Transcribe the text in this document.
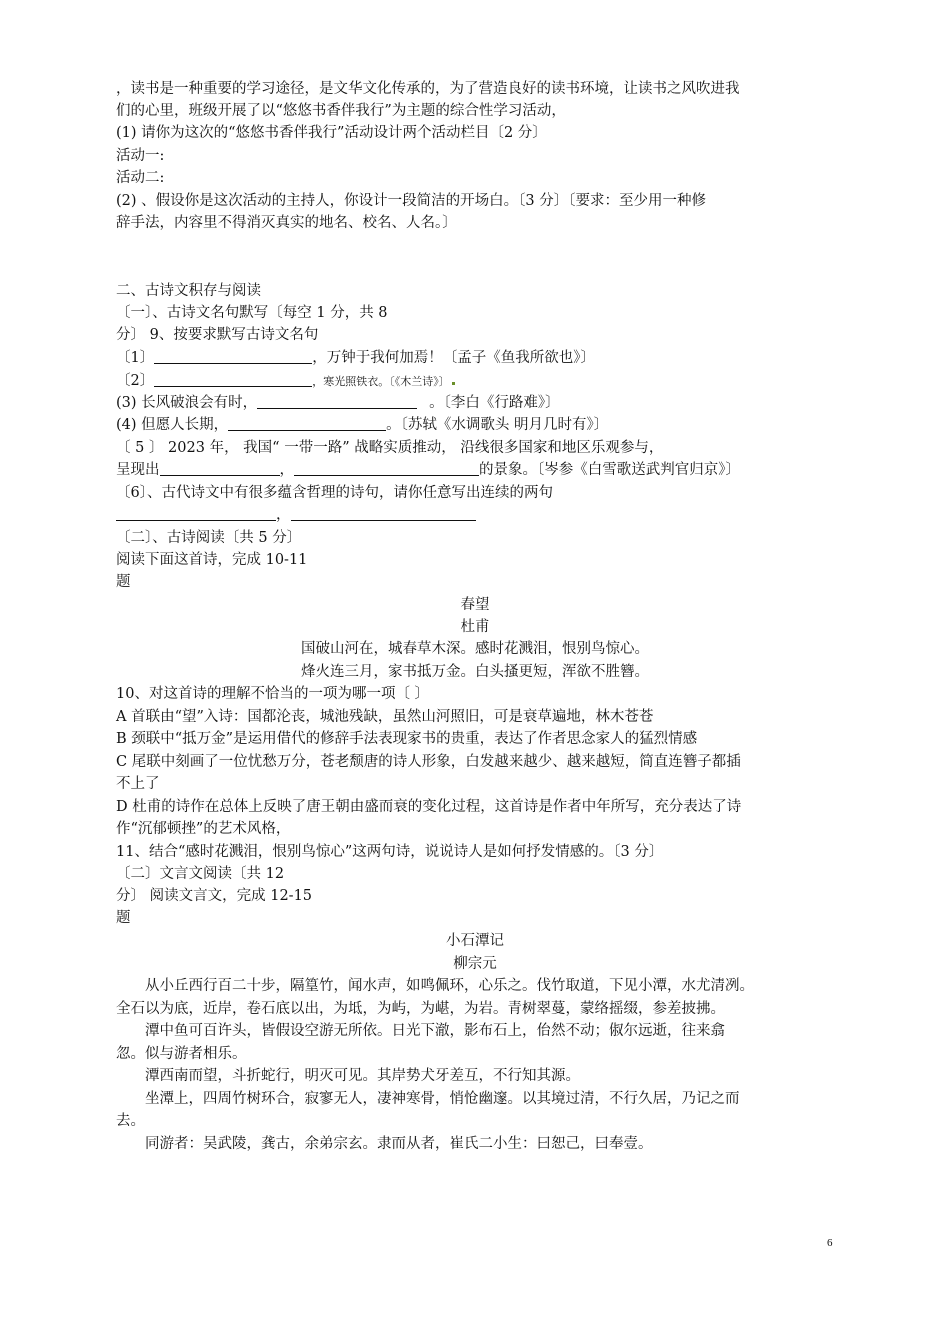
，读书是一种重要的学习途径，是文华文化传承的，为了营造良好的读书环境，让读书之风吹进我
们的心里，班级开展了以“悠悠书香伴我行”为主题的综合性学习活动，
(1) 请你为这次的“悠悠书香伴我行”活动设计两个活动栏目〔2 分〕
活动一:
活动二:
(2) 、假设你是这次活动的主持人，你设计一段简洁的开场白。〔3 分〕〔要求：至少用一种修
辞手法，内容里不得消灭真实的地名、校名、人名。〕
二、古诗文积存与阅读
〔一〕、古诗文名句默写〔每空 1 分，共 8
分〕 9、按要求默写古诗文名句
〔1〕	，万钟于我何加焉！〔孟子《鱼我所欲也》〕
〔2〕	，寒光照铁衣。〔《木兰诗》〕
(3) 长风破浪会有时，	。〔李白《行路难》〕
(4) 但愿人长期，	。〔苏轼《水调歌头 明月几时有》〕
〔 5 〕 2023 年， 我国“ 一带一路” 战略实质推动， 沿线很多国家和地区乐观参与，
呈现出	，	的景象。〔岑参《白雪歌送武判官归京》〕
〔6〕、古代诗文中有很多蕴含哲理的诗句，请你任意写出连续的两句
，
〔二〕、古诗阅读〔共 5 分〕
阅读下面这首诗，完成 10-11
题
春望
杜甫
国破山河在，城春草木深。感时花溅泪，恨别鸟惊心。
烽火连三月，家书抵万金。白头搔更短，浑欲不胜簪。
10、对这首诗的理解不恰当的一项为哪一项〔 〕
A 首联由“望”入诗：国都沦丧，城池残缺，虽然山河照旧，可是衰草遍地，林木苍苍
B 颈联中“抵万金”是运用借代的修辞手法表现家书的贵重，表达了作者思念家人的猛烈情感
C 尾联中刻画了一位忧愁万分，苍老颓唐的诗人形象，白发越来越少、越来越短，简直连簪子都插
不上了
D 杜甫的诗作在总体上反映了唐王朝由盛而衰的变化过程，这首诗是作者中年所写，充分表达了诗
作“沉郁顿挫”的艺术风格，
11、结合“感时花溅泪，恨别鸟惊心”这两句诗，说说诗人是如何抒发情感的。〔3 分〕
〔二〕文言文阅读〔共 12
分〕 阅读文言文，完成 12-15
题
小石潭记
柳宗元
从小丘西行百二十步，隔篁竹，闻水声，如鸣佩环，心乐之。伐竹取道，下见小潭，水尤清冽。
全石以为底，近岸，卷石底以出，为坻，为屿，为嵁，为岩。青树翠蔓，蒙络摇缀，参差披拂。
潭中鱼可百许头，皆假设空游无所依。日光下澈，影布石上，佁然不动；俶尔远逝，往来翕
忽。似与游者相乐。
潭西南而望，斗折蛇行，明灭可见。其岸势犬牙差互，不行知其源。
坐潭上，四周竹树环合，寂寥无人，凄神寒骨，悄怆幽邃。以其境过清，不行久居，乃记之而
去。
同游者：吴武陵，龚古，余弟宗玄。隶而从者，崔氏二小生：曰恕己，曰奉壹。
6
